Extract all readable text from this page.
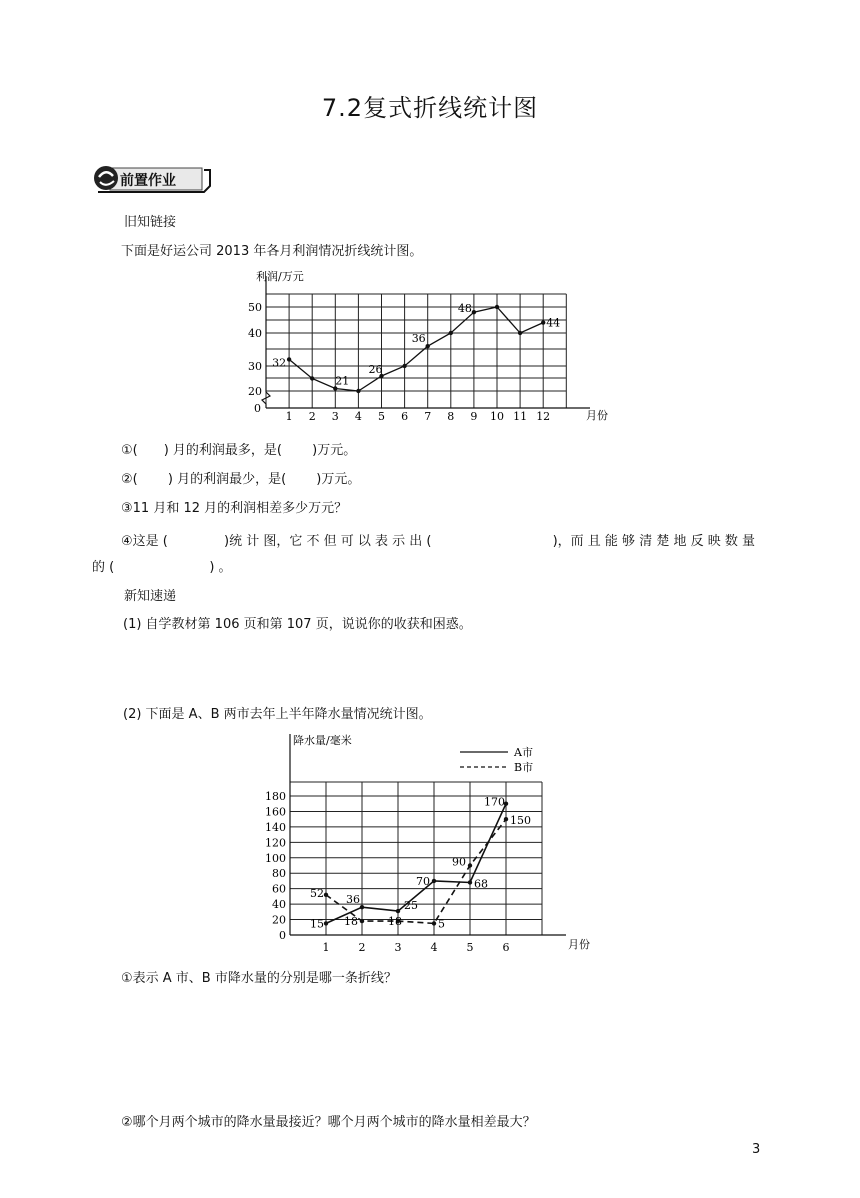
7.2复式折线统计图
前置作业
旧知链接
下面是好运公司 2013 年各月利润情况折线统计图。
利润/万元
月份
0
20
30
40
50
1 2 3 4 5 6 7 8 9 10 11 12
32
21
26
36
48
44
①(　　) 月的利润最多，是(　　 )万元。
②(　　 ) 月的利润最少，是(　　 )万元。
③11 月和 12 月的利润相差多少万元？
④这是 (　　　　 )统 计 图，它 不 但 可 以 表 示 出 (　　　　　　　　　 )，而 且 能 够 清 楚 地 反 映 数 量
的 (　　　　　　　 ) 。
新知速递
(1) 自学教材第 106 页和第 107 页，说说你的收获和困惑。
(2) 下面是 A、B 两市去年上半年降水量情况统计图。
降水量/毫米
月份
0
20
40
60
80
100
120
140
160
180
1	2	3	4	5	6
A市
B市
52
15
36
18
25
18
70
5
90
68
170
150
①表示 A 市、B 市降水量的分别是哪一条折线？
②哪个月两个城市的降水量最接近？哪个月两个城市的降水量相差最大？
3
